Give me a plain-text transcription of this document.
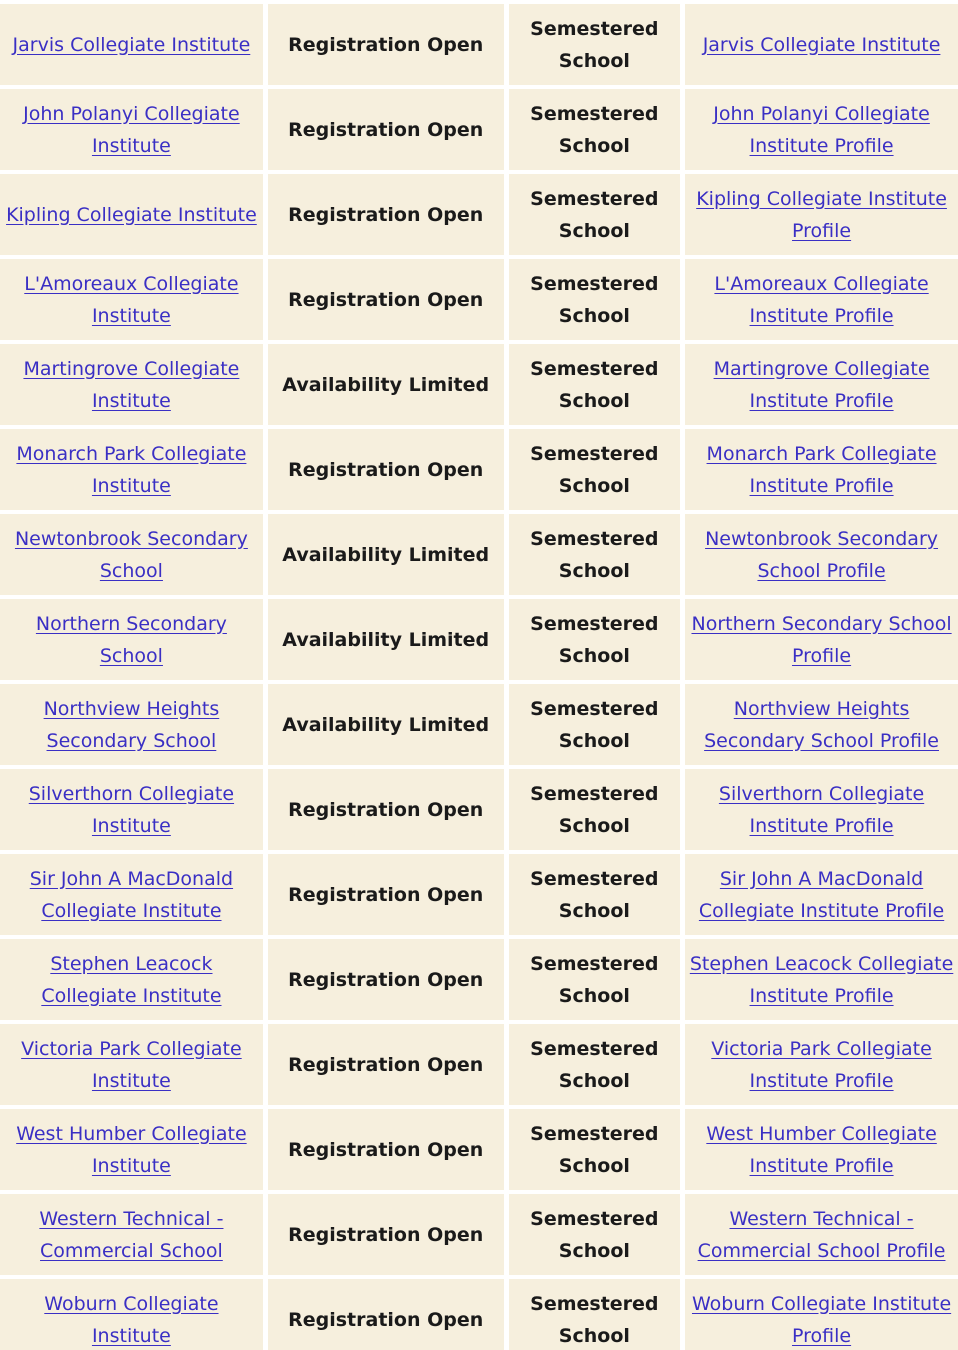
Jarvis Collegiate Institute	Registration Open	Semestered School	Jarvis Collegiate Institute
John Polanyi Collegiate Institute	Registration Open	Semestered School	John Polanyi Collegiate Institute Profile
Kipling Collegiate Institute	Registration Open	Semestered School	Kipling Collegiate Institute Profile
L'Amoreaux Collegiate Institute	Registration Open	Semestered School	L'Amoreaux Collegiate Institute Profile
Martingrove Collegiate Institute	Availability Limited	Semestered School	Martingrove Collegiate Institute Profile
Monarch Park Collegiate Institute	Registration Open	Semestered School	Monarch Park Collegiate Institute Profile
Newtonbrook Secondary School	Availability Limited	Semestered School	Newtonbrook Secondary School Profile
Northern Secondary School	Availability Limited	Semestered School	Northern Secondary School Profile
Northview Heights Secondary School	Availability Limited	Semestered School	Northview Heights Secondary School Profile
Silverthorn Collegiate Institute	Registration Open	Semestered School	Silverthorn Collegiate Institute Profile
Sir John A MacDonald Collegiate Institute	Registration Open	Semestered School	Sir John A MacDonald Collegiate Institute Profile
Stephen Leacock Collegiate Institute	Registration Open	Semestered School	Stephen Leacock Collegiate Institute Profile
Victoria Park Collegiate Institute	Registration Open	Semestered School	Victoria Park Collegiate Institute Profile
West Humber Collegiate Institute	Registration Open	Semestered School	West Humber Collegiate Institute Profile
Western Technical - Commercial School	Registration Open	Semestered School	Western Technical - Commercial School Profile
Woburn Collegiate Institute	Registration Open	Semestered School	Woburn Collegiate Institute Profile
